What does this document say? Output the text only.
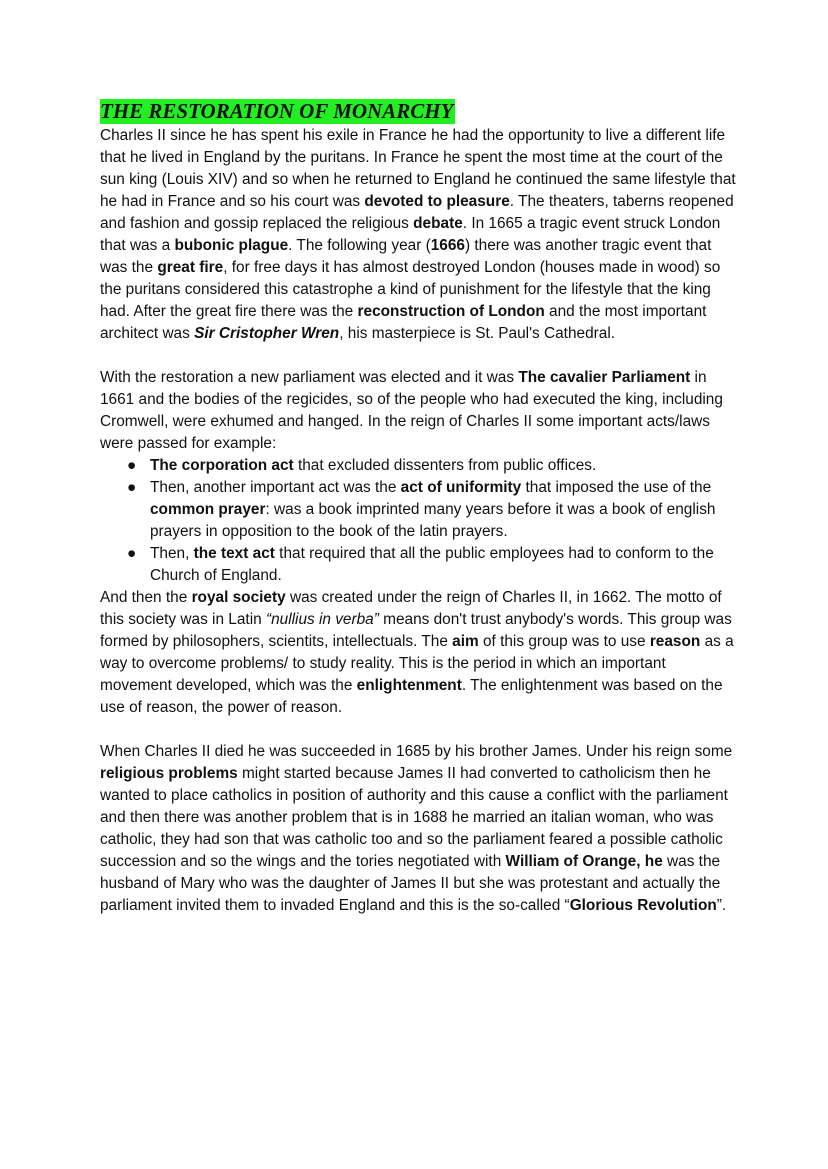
THE RESTORATION OF MONARCHY

Charles II since he has spent his exile in France he had the opportunity to live a different life that he lived in England by the puritans. In France he spent the most time at the court of the sun king (Louis XIV) and so when he returned to England he continued the same lifestyle that he had in France and so his court was devoted to pleasure. The theaters, taberns reopened and fashion and gossip replaced the religious debate. In 1665 a tragic event struck London that was a bubonic plague. The following year (1666) there was another tragic event that was the great fire, for free days it has almost destroyed London (houses made in wood) so the puritans considered this catastrophe a kind of punishment for the lifestyle that the king had. After the great fire there was the reconstruction of London and the most important architect was Sir Cristopher Wren, his masterpiece is St. Paul's Cathedral.

With the restoration a new parliament was elected and it was The cavalier Parliament in 1661 and the bodies of the regicides, so of the people who had executed the king, including Cromwell, were exhumed and hanged. In the reign of Charles II some important acts/laws were passed for example:

● The corporation act that excluded dissenters from public offices.
● Then, another important act was the act of uniformity that imposed the use of the common prayer: was a book imprinted many years before it was a book of english prayers in opposition to the book of the latin prayers.
● Then, the text act that required that all the public employees had to conform to the Church of England.

And then the royal society was created under the reign of Charles II, in 1662. The motto of this society was in Latin “nullius in verba” means don't trust anybody's words. This group was formed by philosophers, scientits, intellectuals. The aim of this group was to use reason as a way to overcome problems/ to study reality. This is the period in which an important movement developed, which was the enlightenment. The enlightenment was based on the use of reason, the power of reason.

When Charles II died he was succeeded in 1685 by his brother James. Under his reign some religious problems might started because James II had converted to catholicism then he wanted to place catholics in position of authority and this cause a conflict with the parliament and then there was another problem that is in 1688 he married an italian woman, who was catholic, they had son that was catholic too and so the parliament feared a possible catholic succession and so the wings and the tories negotiated with William of Orange, he was the husband of Mary who was the daughter of James II but she was protestant and actually the parliament invited them to invaded England and this is the so-called “Glorious Revolution”.
